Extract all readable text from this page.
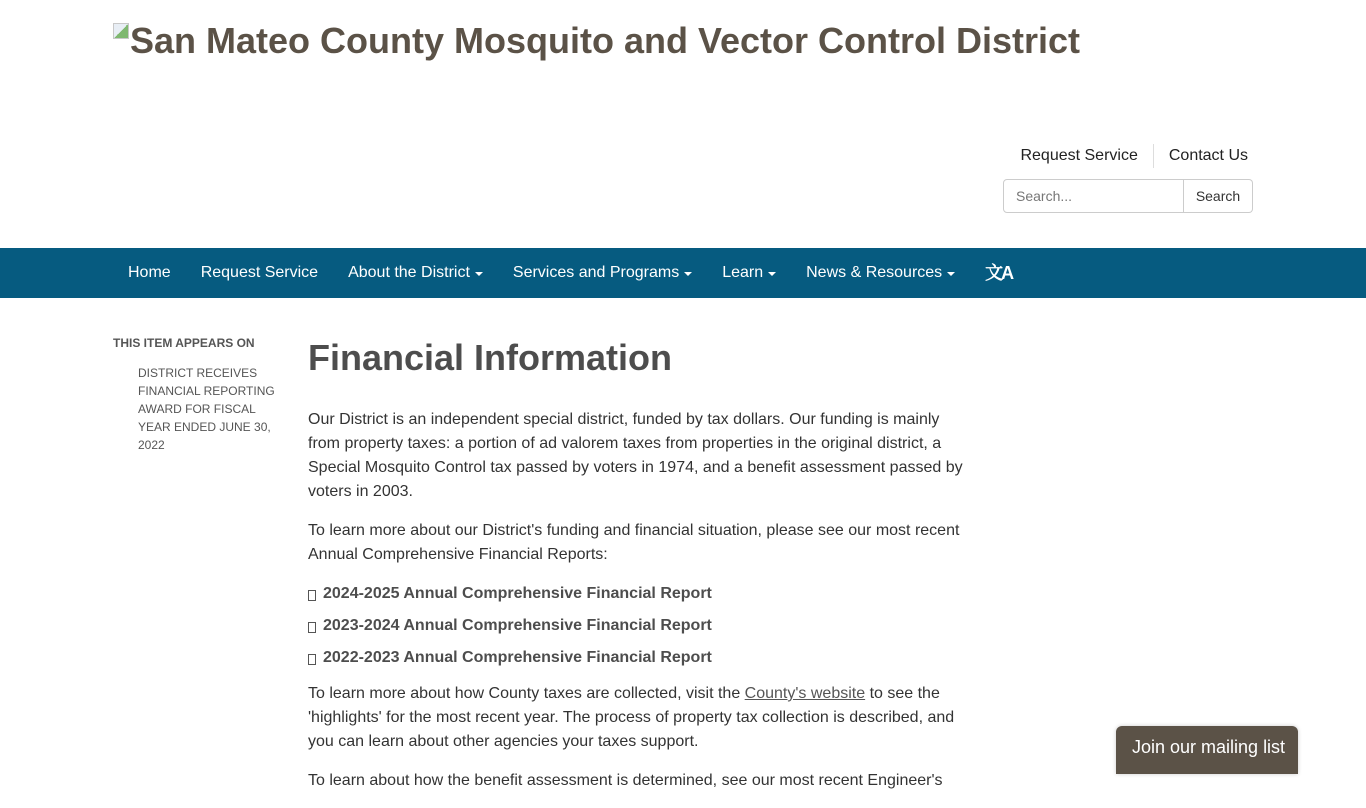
San Mateo County Mosquito and Vector Control District
Request Service	Contact Us
Search...
Search
Home Request Service About the District	Services and Programs	Learn	News & Resources	文A
THIS ITEM APPEARS ON
DISTRICT RECEIVES FINANCIAL REPORTING AWARD FOR FISCAL YEAR ENDED JUNE 30, 2022
Financial Information

Our District is an independent special district, funded by tax dollars. Our funding is mainly from property taxes: a portion of ad valorem taxes from properties in the original district, a Special Mosquito Control tax passed by voters in 1974, and a benefit assessment passed by voters in 2003.

To learn more about our District's funding and financial situation, please see our most recent Annual Comprehensive Financial Reports:

2024-2025 Annual Comprehensive Financial Report
2023-2024 Annual Comprehensive Financial Report
2022-2023 Annual Comprehensive Financial Report

To learn more about how County taxes are collected, visit the County's website to see the 'highlights' for the most recent year. The process of property tax collection is described, and you can learn about other agencies your taxes support.

To learn about how the benefit assessment is determined, see our most recent Engineer's

Join our mailing list
